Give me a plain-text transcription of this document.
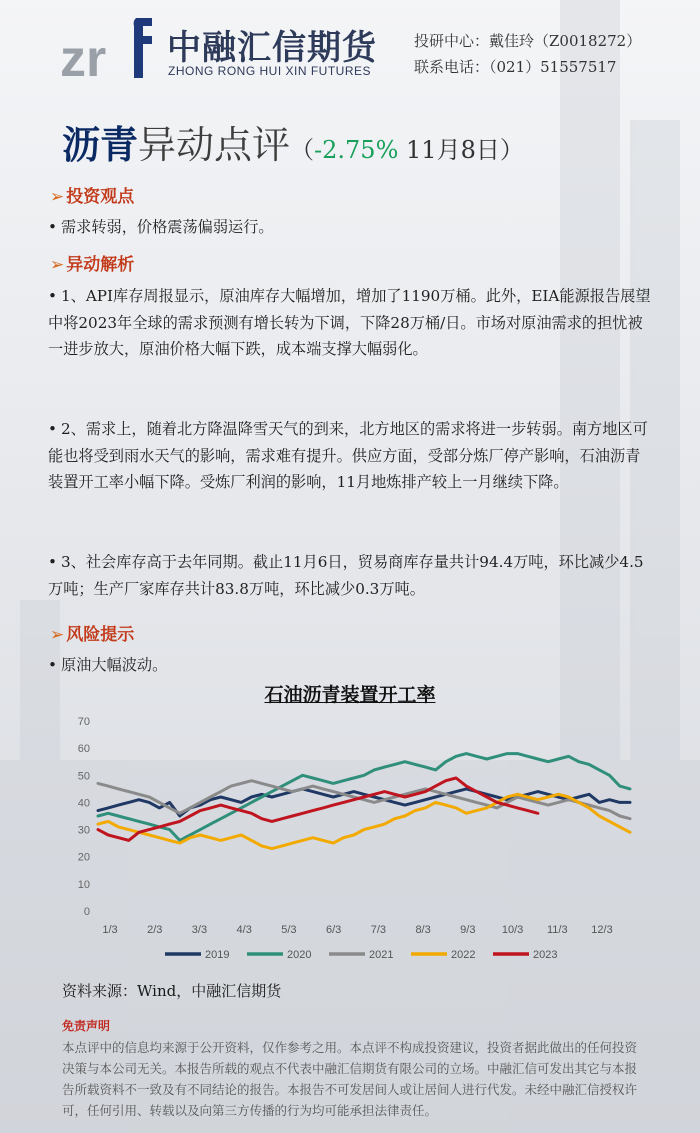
zr 中融汇信期货
ZHONG RONG HUI XIN FUTURES
投研中心：戴佳玲（Z0018272）
联系电话：（021）51557517
沥青异动点评（-2.75% 11月8日）
➢ 投资观点
• 需求转弱，价格震荡偏弱运行。
➢ 异动解析
• 1、API库存周报显示，原油库存大幅增加，增加了1190万桶。此外，EIA能源报告展望中将2023年全球的需求预测有增长转为下调，下降28万桶/日。市场对原油需求的担忧被一进步放大，原油价格大幅下跌，成本端支撑大幅弱化。
• 2、需求上，随着北方降温降雪天气的到来，北方地区的需求将进一步转弱。南方地区可能也将受到雨水天气的影响，需求难有提升。供应方面，受部分炼厂停产影响，石油沥青装置开工率小幅下降。受炼厂利润的影响，11月地炼排产较上一月继续下降。
• 3、社会库存高于去年同期。截止11月6日，贸易商库存量共计94.4万吨，环比减少4.5万吨；生产厂家库存共计83.8万吨，环比减少0.3万吨。
➢ 风险提示
• 原油大幅波动。
石油沥青装置开工率
0
10
20
30
40
50
60
70
1/3	2/3	3/3	4/3	5/3	6/3	7/3	8/3	9/3 10/3 11/3 12/3
2019	2020	2021	2022	2023
资料来源：Wind，中融汇信期货
免责声明
本点评中的信息均来源于公开资料，仅作参考之用。本点评不构成投资建议，投资者据此做出的任何投资决策与本公司无关。本报告所载的观点不代表中融汇信期货有限公司的立场。中融汇信可发出其它与本报告所载资料不一致及有不同结论的报告。本报告不可发居间人或让居间人进行代发。未经中融汇信授权许可，任何引用、转载以及向第三方传播的行为均可能承担法律责任。
